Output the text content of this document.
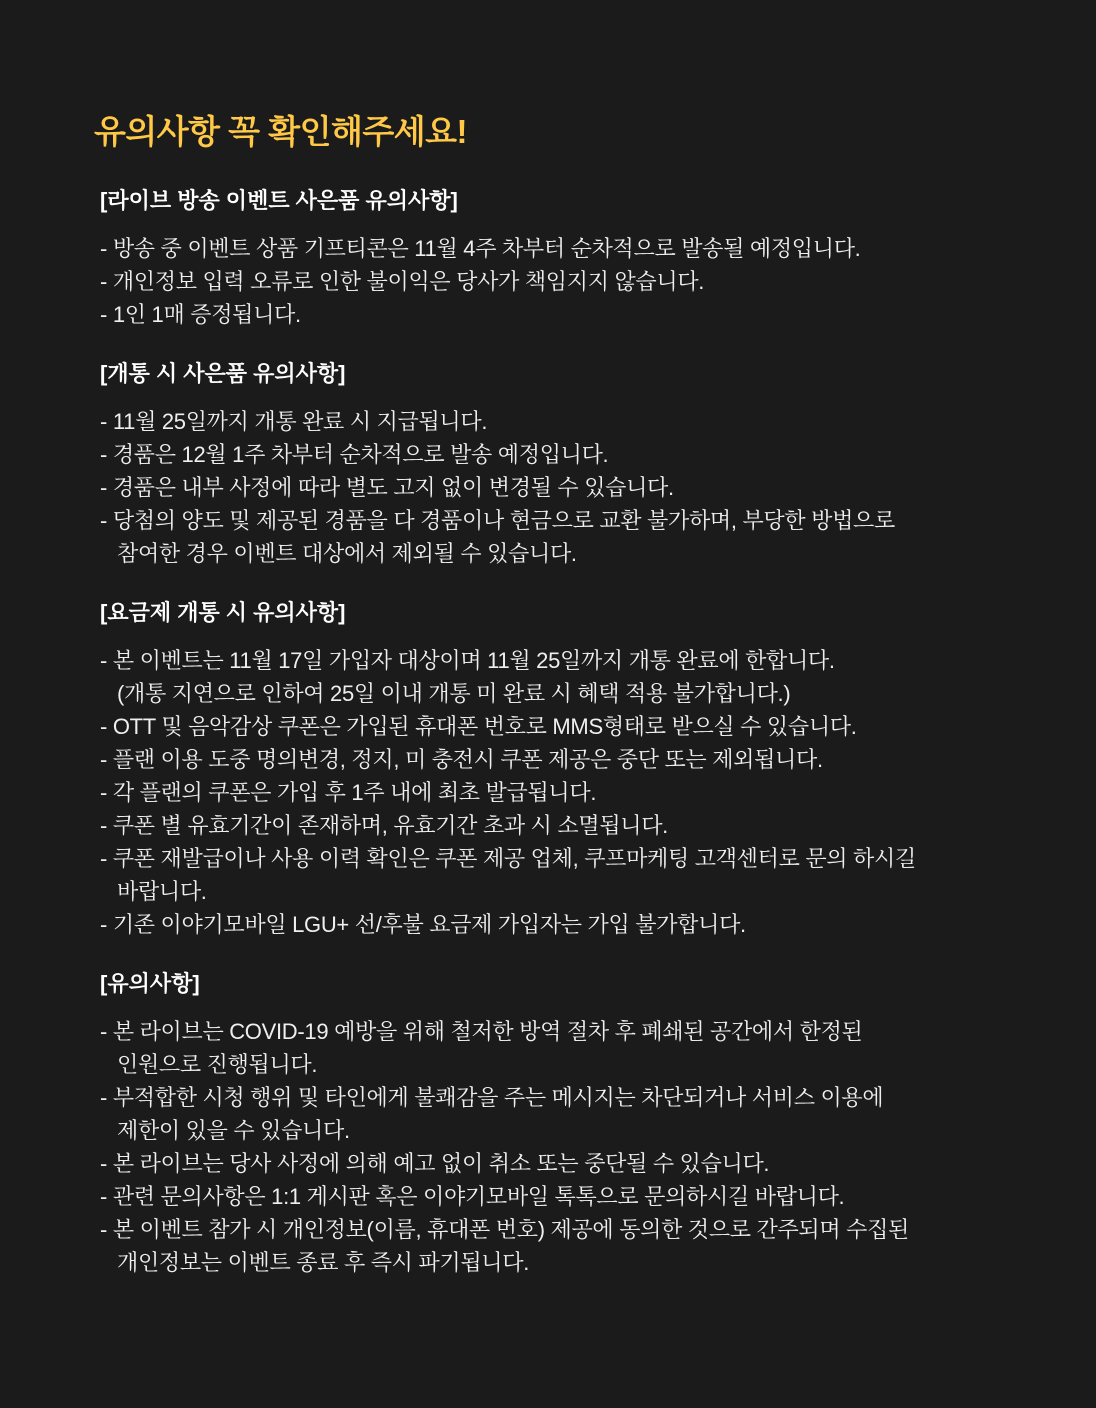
유의사항 꼭 확인해주세요!
[라이브 방송 이벤트 사은품 유의사항]
- 방송 중 이벤트 상품 기프티콘은 11월 4주 차부터 순차적으로 발송될 예정입니다.
- 개인정보 입력 오류로 인한 불이익은 당사가 책임지지 않습니다.
- 1인 1매 증정됩니다.
[개통 시 사은품 유의사항]
- 11월 25일까지 개통 완료 시 지급됩니다.
- 경품은 12월 1주 차부터 순차적으로 발송 예정입니다.
- 경품은 내부 사정에 따라 별도 고지 없이 변경될 수 있습니다.
- 당첨의 양도 및 제공된 경품을 다 경품이나 현금으로 교환 불가하며, 부당한 방법으로
참여한 경우 이벤트 대상에서 제외될 수 있습니다.
[요금제 개통 시 유의사항]
- 본 이벤트는 11월 17일 가입자 대상이며 11월 25일까지 개통 완료에 한합니다.
(개통 지연으로 인하여 25일 이내 개통 미 완료 시 혜택 적용 불가합니다.)
- OTT 및 음악감상 쿠폰은 가입된 휴대폰 번호로 MMS형태로 받으실 수 있습니다.
- 플랜 이용 도중 명의변경, 정지, 미 충전시 쿠폰 제공은 중단 또는 제외됩니다.
- 각 플랜의 쿠폰은 가입 후 1주 내에 최초 발급됩니다.
- 쿠폰 별 유효기간이 존재하며, 유효기간 초과 시 소멸됩니다.
- 쿠폰 재발급이나 사용 이력 확인은 쿠폰 제공 업체, 쿠프마케팅 고객센터로 문의 하시길
바랍니다.
- 기존 이야기모바일 LGU+ 선/후불 요금제 가입자는 가입 불가합니다.
[유의사항]
- 본 라이브는 COVID-19 예방을 위해 철저한 방역 절차 후 폐쇄된 공간에서 한정된
인원으로 진행됩니다.
- 부적합한 시청 행위 및 타인에게 불쾌감을 주는 메시지는 차단되거나 서비스 이용에
제한이 있을 수 있습니다.
- 본 라이브는 당사 사정에 의해 예고 없이 취소 또는 중단될 수 있습니다.
- 관련 문의사항은 1:1 게시판 혹은 이야기모바일 톡톡으로 문의하시길 바랍니다.
- 본 이벤트 참가 시 개인정보(이름, 휴대폰 번호) 제공에 동의한 것으로 간주되며 수집된
개인정보는 이벤트 종료 후 즉시 파기됩니다.
